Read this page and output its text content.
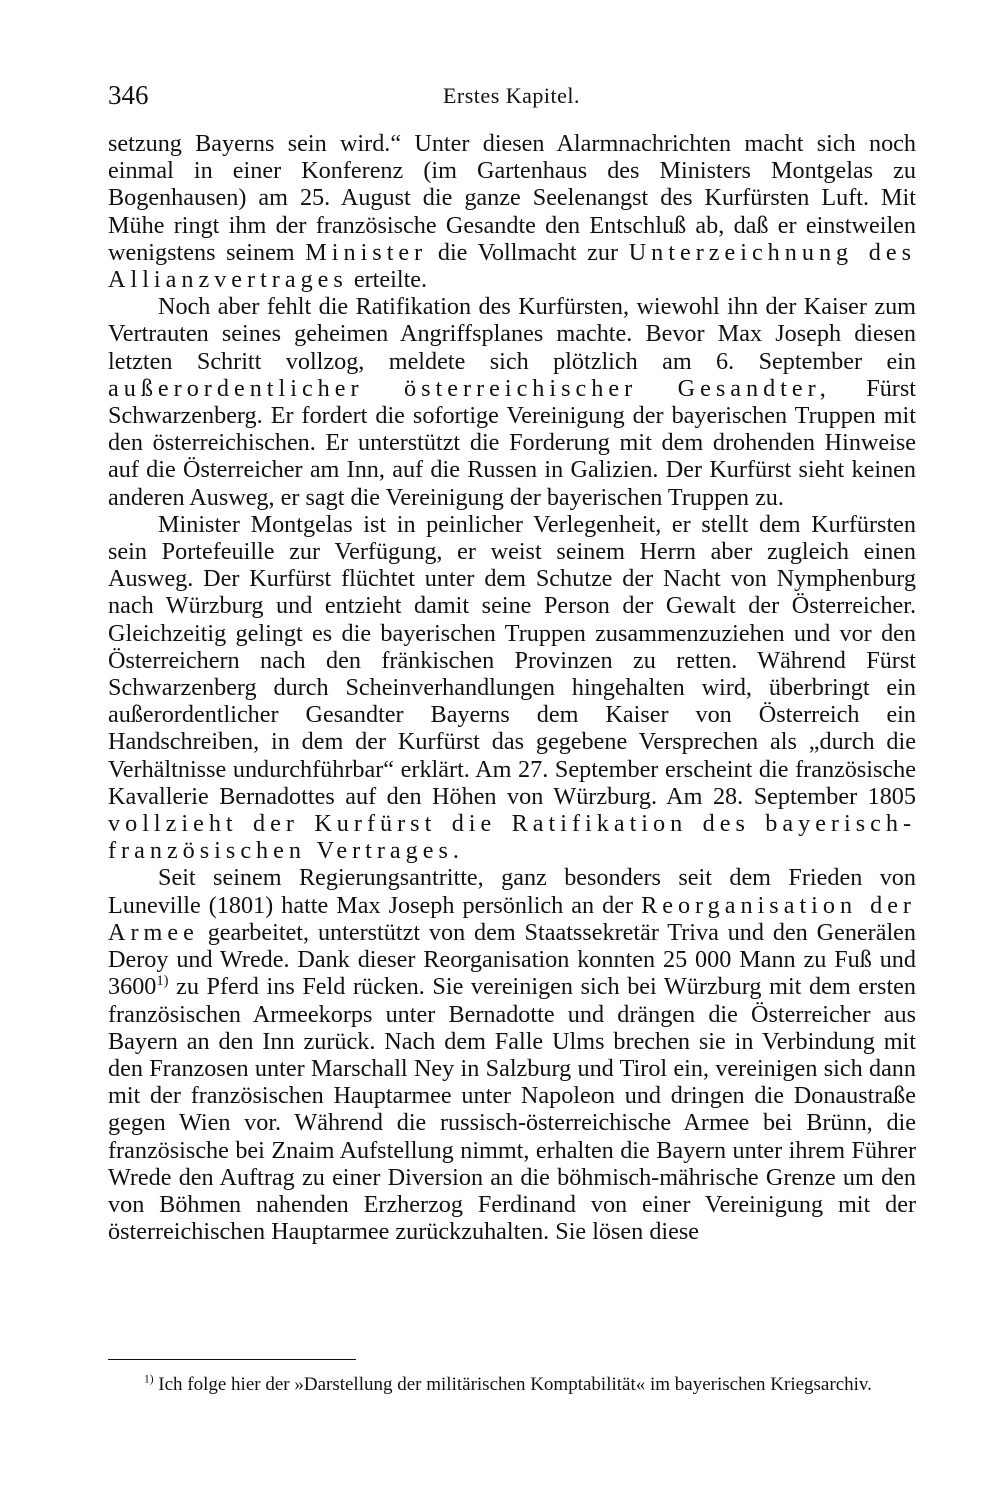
346	Erstes Kapitel.

setzung Bayerns sein wird.“ Unter diesen Alarmnachrichten macht sich noch einmal in einer Konferenz (im Gartenhaus des Ministers Montgelas zu Bogenhausen) am 25. August die ganze Seelenangst des Kurfürsten Luft. Mit Mühe ringt ihm der französische Gesandte den Entschluß ab, daß er einstweilen wenigstens seinem Minister die Vollmacht zur Unterzeichnung des Allianzvertrages erteilte.

Noch aber fehlt die Ratifikation des Kurfürsten, wiewohl ihn der Kaiser zum Vertrauten seines geheimen Angriffsplanes machte. Bevor Max Joseph diesen letzten Schritt vollzog, meldete sich plötzlich am 6. September ein außerordentlicher österreichischer Gesandter, Fürst Schwarzenberg. Er fordert die sofortige Vereinigung der bayerischen Truppen mit den österreichischen. Er unterstützt die Forderung mit dem drohenden Hinweise auf die Österreicher am Inn, auf die Russen in Galizien. Der Kurfürst sieht keinen anderen Ausweg, er sagt die Vereinigung der bayerischen Truppen zu.

Minister Montgelas ist in peinlicher Verlegenheit, er stellt dem Kurfürsten sein Portefeuille zur Verfügung, er weist seinem Herrn aber zugleich einen Ausweg. Der Kurfürst flüchtet unter dem Schutze der Nacht von Nymphenburg nach Würzburg und entzieht damit seine Person der Gewalt der Österreicher. Gleichzeitig gelingt es die bayerischen Truppen zusammenzuziehen und vor den Österreichern nach den fränkischen Provinzen zu retten. Während Fürst Schwarzenberg durch Scheinverhandlungen hingehalten wird, überbringt ein außerordentlicher Gesandter Bayerns dem Kaiser von Österreich ein Handschreiben, in dem der Kurfürst das gegebene Versprechen als „durch die Verhältnisse undurchführbar“ erklärt. Am 27. September erscheint die französische Kavallerie Bernadottes auf den Höhen von Würzburg. Am 28. September 1805 vollzieht der Kurfürst die Ratifikation des bayerisch-französischen Vertrages.

Seit seinem Regierungsantritte, ganz besonders seit dem Frieden von Luneville (1801) hatte Max Joseph persönlich an der Reorganisation der Armee gearbeitet, unterstützt von dem Staatssekretär Triva und den Generälen Deroy und Wrede. Dank dieser Reorganisation konnten 25 000 Mann zu Fuß und 3600$^{1)}$ zu Pferd ins Feld rücken. Sie vereinigen sich bei Würzburg mit dem ersten französischen Armeekorps unter Bernadotte und drängen die Österreicher aus Bayern an den Inn zurück. Nach dem Falle Ulms brechen sie in Verbindung mit den Franzosen unter Marschall Ney in Salzburg und Tirol ein, vereinigen sich dann mit der französischen Hauptarmee unter Napoleon und dringen die Donaustraße gegen Wien vor. Während die russisch-österreichische Armee bei Brünn, die französische bei Znaim Aufstellung nimmt, erhalten die Bayern unter ihrem Führer Wrede den Auftrag zu einer Diversion an die böhmisch-mährische Grenze um den von Böhmen nahenden Erzherzog Ferdinand von einer Vereinigung mit der österreichischen Hauptarmee zurückzuhalten. Sie lösen diese

$^{1)}$ Ich folge hier der »Darstellung der militärischen Komptabilität« im bayerischen Kriegsarchiv.
